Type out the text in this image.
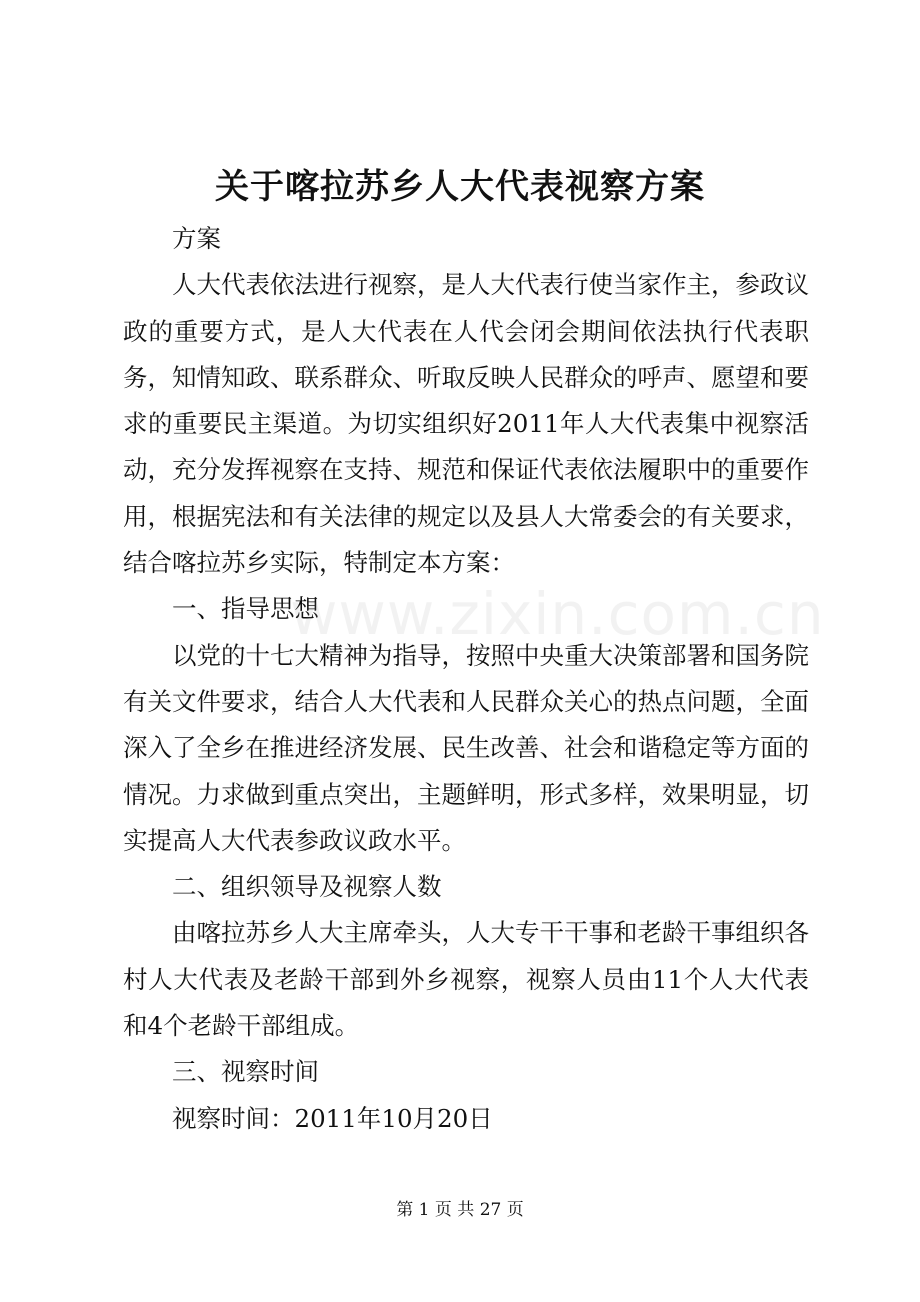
关于喀拉苏乡人大代表视察方案

方案

人大代表依法进行视察，是人大代表行使当家作主，参政议政的重要方式，是人大代表在人代会闭会期间依法执行代表职务，知情知政、联系群众、听取反映人民群众的呼声、愿望和要求的重要民主渠道。为切实组织好2011年人大代表集中视察活动，充分发挥视察在支持、规范和保证代表依法履职中的重要作用，根据宪法和有关法律的规定以及县人大常委会的有关要求，结合喀拉苏乡实际，特制定本方案：

一、指导思想

以党的十七大精神为指导，按照中央重大决策部署和国务院有关文件要求，结合人大代表和人民群众关心的热点问题，全面深入了全乡在推进经济发展、民生改善、社会和谐稳定等方面的情况。力求做到重点突出，主题鲜明，形式多样，效果明显，切实提高人大代表参政议政水平。

二、组织领导及视察人数

由喀拉苏乡人大主席牵头，人大专干干事和老龄干事组织各村人大代表及老龄干部到外乡视察，视察人员由11个人大代表和4个老龄干部组成。

三、视察时间

视察时间：2011年10月20日

www.zixin.com.cn
第 1 页 共 27 页
